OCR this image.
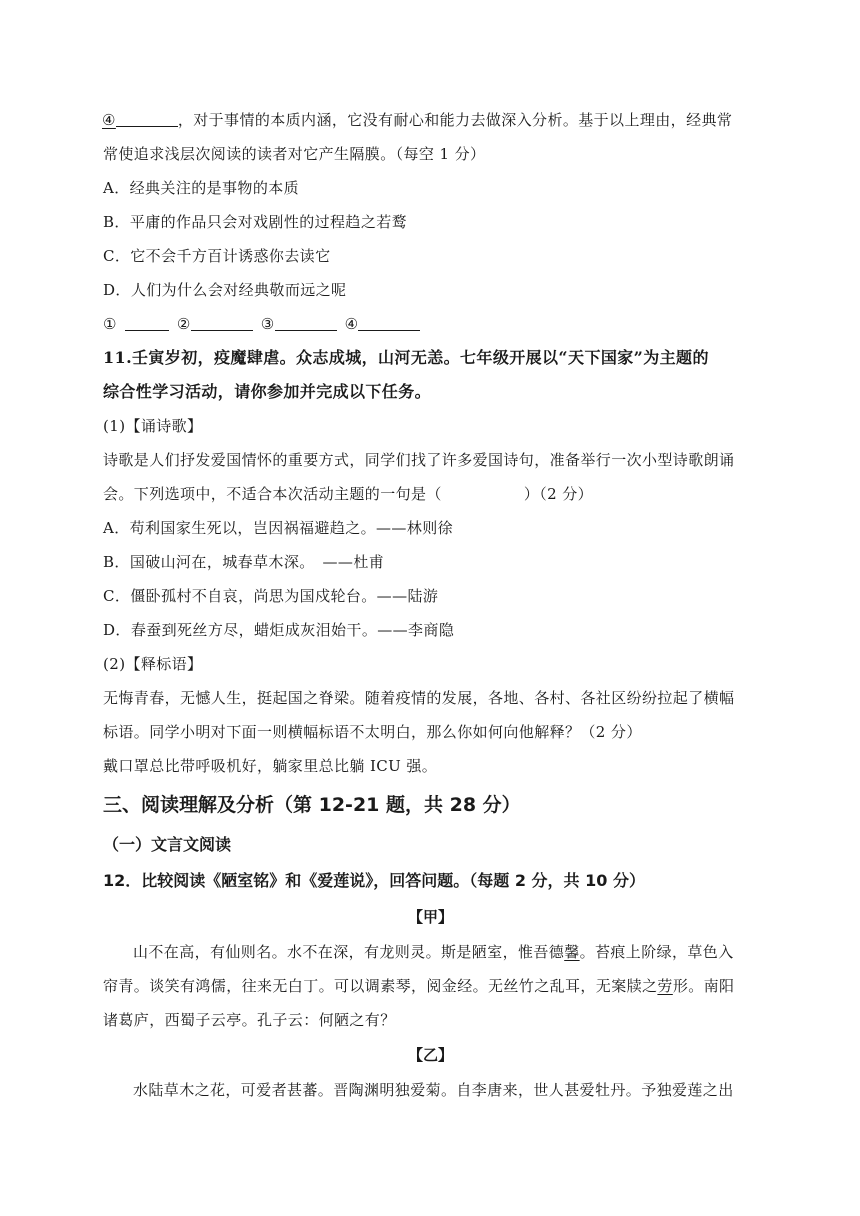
④	，对于事情的本质内涵，它没有耐心和能力去做深入分析。基于以上理由，经典常
常使追求浅层次阅读的读者对它产生隔膜。（每空 1 分）
A．经典关注的是事物的本质
B．平庸的作品只会对戏剧性的过程趋之若鹜
C．它不会千方百计诱惑你去读它
D．人们为什么会对经典敬而远之呢
①	②	③	④
11.壬寅岁初，疫魔肆虐。众志成城，山河无恙。七年级开展以“天下国家”为主题的
综合性学习活动，请你参加并完成以下任务。
(1)【诵诗歌】
诗歌是人们抒发爱国情怀的重要方式，同学们找了许多爱国诗句，准备举行一次小型诗歌朗诵
会。下列选项中，不适合本次活动主题的一句是（	）（2 分）
A．苟利国家生死以，岂因祸福避趋之。——林则徐
B．国破山河在，城春草木深。　——杜甫
C．僵卧孤村不自哀，尚思为国戍轮台。——陆游
D．春蚕到死丝方尽，蜡炬成灰泪始干。——李商隐
(2)【释标语】
无悔青春，无憾人生，挺起国之脊梁。随着疫情的发展，各地、各村、各社区纷纷拉起了横幅
标语。同学小明对下面一则横幅标语不太明白，那么你如何向他解释？（2 分）
戴口罩总比带呼吸机好，躺家里总比躺 ICU 强。
三、阅读理解及分析（第 12-21 题，共 28 分）
（一）文言文阅读
12．比较阅读《陋室铭》和《爱莲说》，回答问题。（每题 2 分，共 10 分）
【甲】
山不在高，有仙则名。水不在深，有龙则灵。斯是陋室，惟吾德馨。苔痕上阶绿，草色入
帘青。谈笑有鸿儒，往来无白丁。可以调素琴，阅金经。无丝竹之乱耳，无案牍之劳形。南阳
诸葛庐，西蜀子云亭。孔子云：何陋之有？
【乙】
水陆草木之花，可爱者甚蕃。晋陶渊明独爱菊。自李唐来，世人甚爱牡丹。予独爱莲之出
